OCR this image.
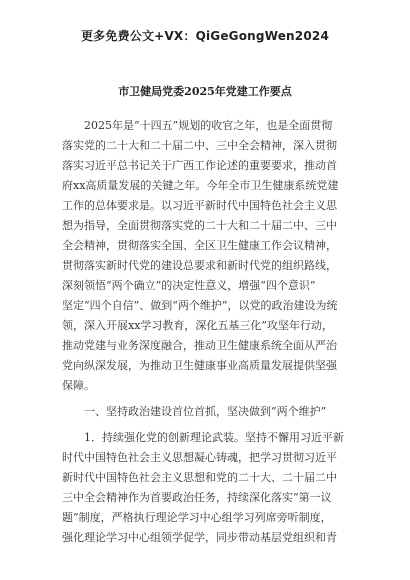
更多免费公文+VX：QiGeGongWen2024
市卫健局党委2025年党建工作要点
2025年是“十四五”规划的收官之年，也是全面贯彻
落实党的二十大和二十届二中、三中全会精神，深入贯彻
落实习近平总书记关于广西工作论述的重要要求，推动首
府xx高质量发展的关键之年。今年全市卫生健康系统党建
工作的总体要求是。以习近平新时代中国特色社会主义思
想为指导，全面贯彻落实党的二十大和二十届二中、三中
全会精神，贯彻落实全国、全区卫生健康工作会议精神，
贯彻落实新时代党的建设总要求和新时代党的组织路线，
深刻领悟“两个确立”的决定性意义，增强“四个意识”
坚定“四个自信”、做到“两个维护”，以党的政治建设为统
领，深入开展xx学习教育，深化五基三化”攻坚年行动，
推动党建与业务深度融合，推动卫生健康系统全面从严治
党向纵深发展，为推动卫生健康事业高质量发展提供坚强
保障。
一、坚持政治建设首位首抓，坚决做到“两个维护”
1．持续强化党的创新理论武装。坚持不懈用习近平新
时代中国特色社会主义思想凝心铸魂，把学习贯彻习近平
新时代中国特色社会主义思想和党的二十大、二十届二中
三中全会精神作为首要政治任务，持续深化落实“第一议
题”制度，严格执行理论学习中心组学习列席旁听制度，
强化理论学习中心组领学促学，同步带动基层党组织和青
